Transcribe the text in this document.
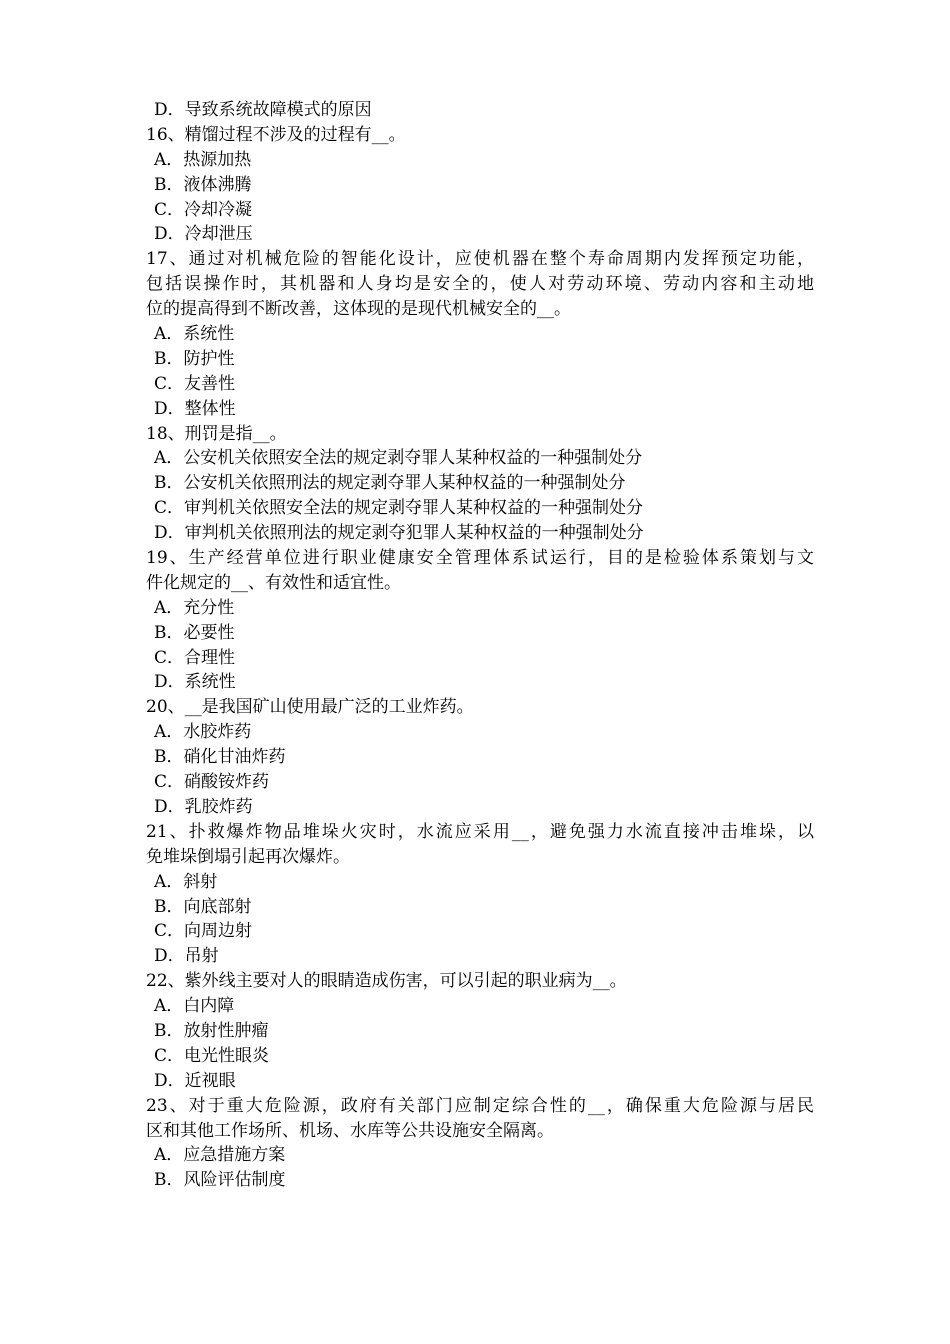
D．导致系统故障模式的原因
16、精馏过程不涉及的过程有__。
A．热源加热
B．液体沸腾
C．冷却冷凝
D．冷却泄压
17、通过对机械危险的智能化设计，应使机器在整个寿命周期内发挥预定功能，
包括误操作时，其机器和人身均是安全的，使人对劳动环境、劳动内容和主动地
位的提高得到不断改善，这体现的是现代机械安全的__。
A．系统性
B．防护性
C．友善性
D．整体性
18、刑罚是指__。
A．公安机关依照安全法的规定剥夺罪人某种权益的一种强制处分
B．公安机关依照刑法的规定剥夺罪人某种权益的一种强制处分
C．审判机关依照安全法的规定剥夺罪人某种权益的一种强制处分
D．审判机关依照刑法的规定剥夺犯罪人某种权益的一种强制处分
19、生产经营单位进行职业健康安全管理体系试运行，目的是检验体系策划与文
件化规定的__、有效性和适宜性。
A．充分性
B．必要性
C．合理性
D．系统性
20、__是我国矿山使用最广泛的工业炸药。
A．水胶炸药
B．硝化甘油炸药
C．硝酸铵炸药
D．乳胶炸药
21、扑救爆炸物品堆垛火灾时，水流应采用__，避免强力水流直接冲击堆垛，以
免堆垛倒塌引起再次爆炸。
A．斜射
B．向底部射
C．向周边射
D．吊射
22、紫外线主要对人的眼睛造成伤害，可以引起的职业病为__。
A．白内障
B．放射性肿瘤
C．电光性眼炎
D．近视眼
23、对于重大危险源，政府有关部门应制定综合性的__，确保重大危险源与居民
区和其他工作场所、机场、水库等公共设施安全隔离。
A．应急措施方案
B．风险评估制度
